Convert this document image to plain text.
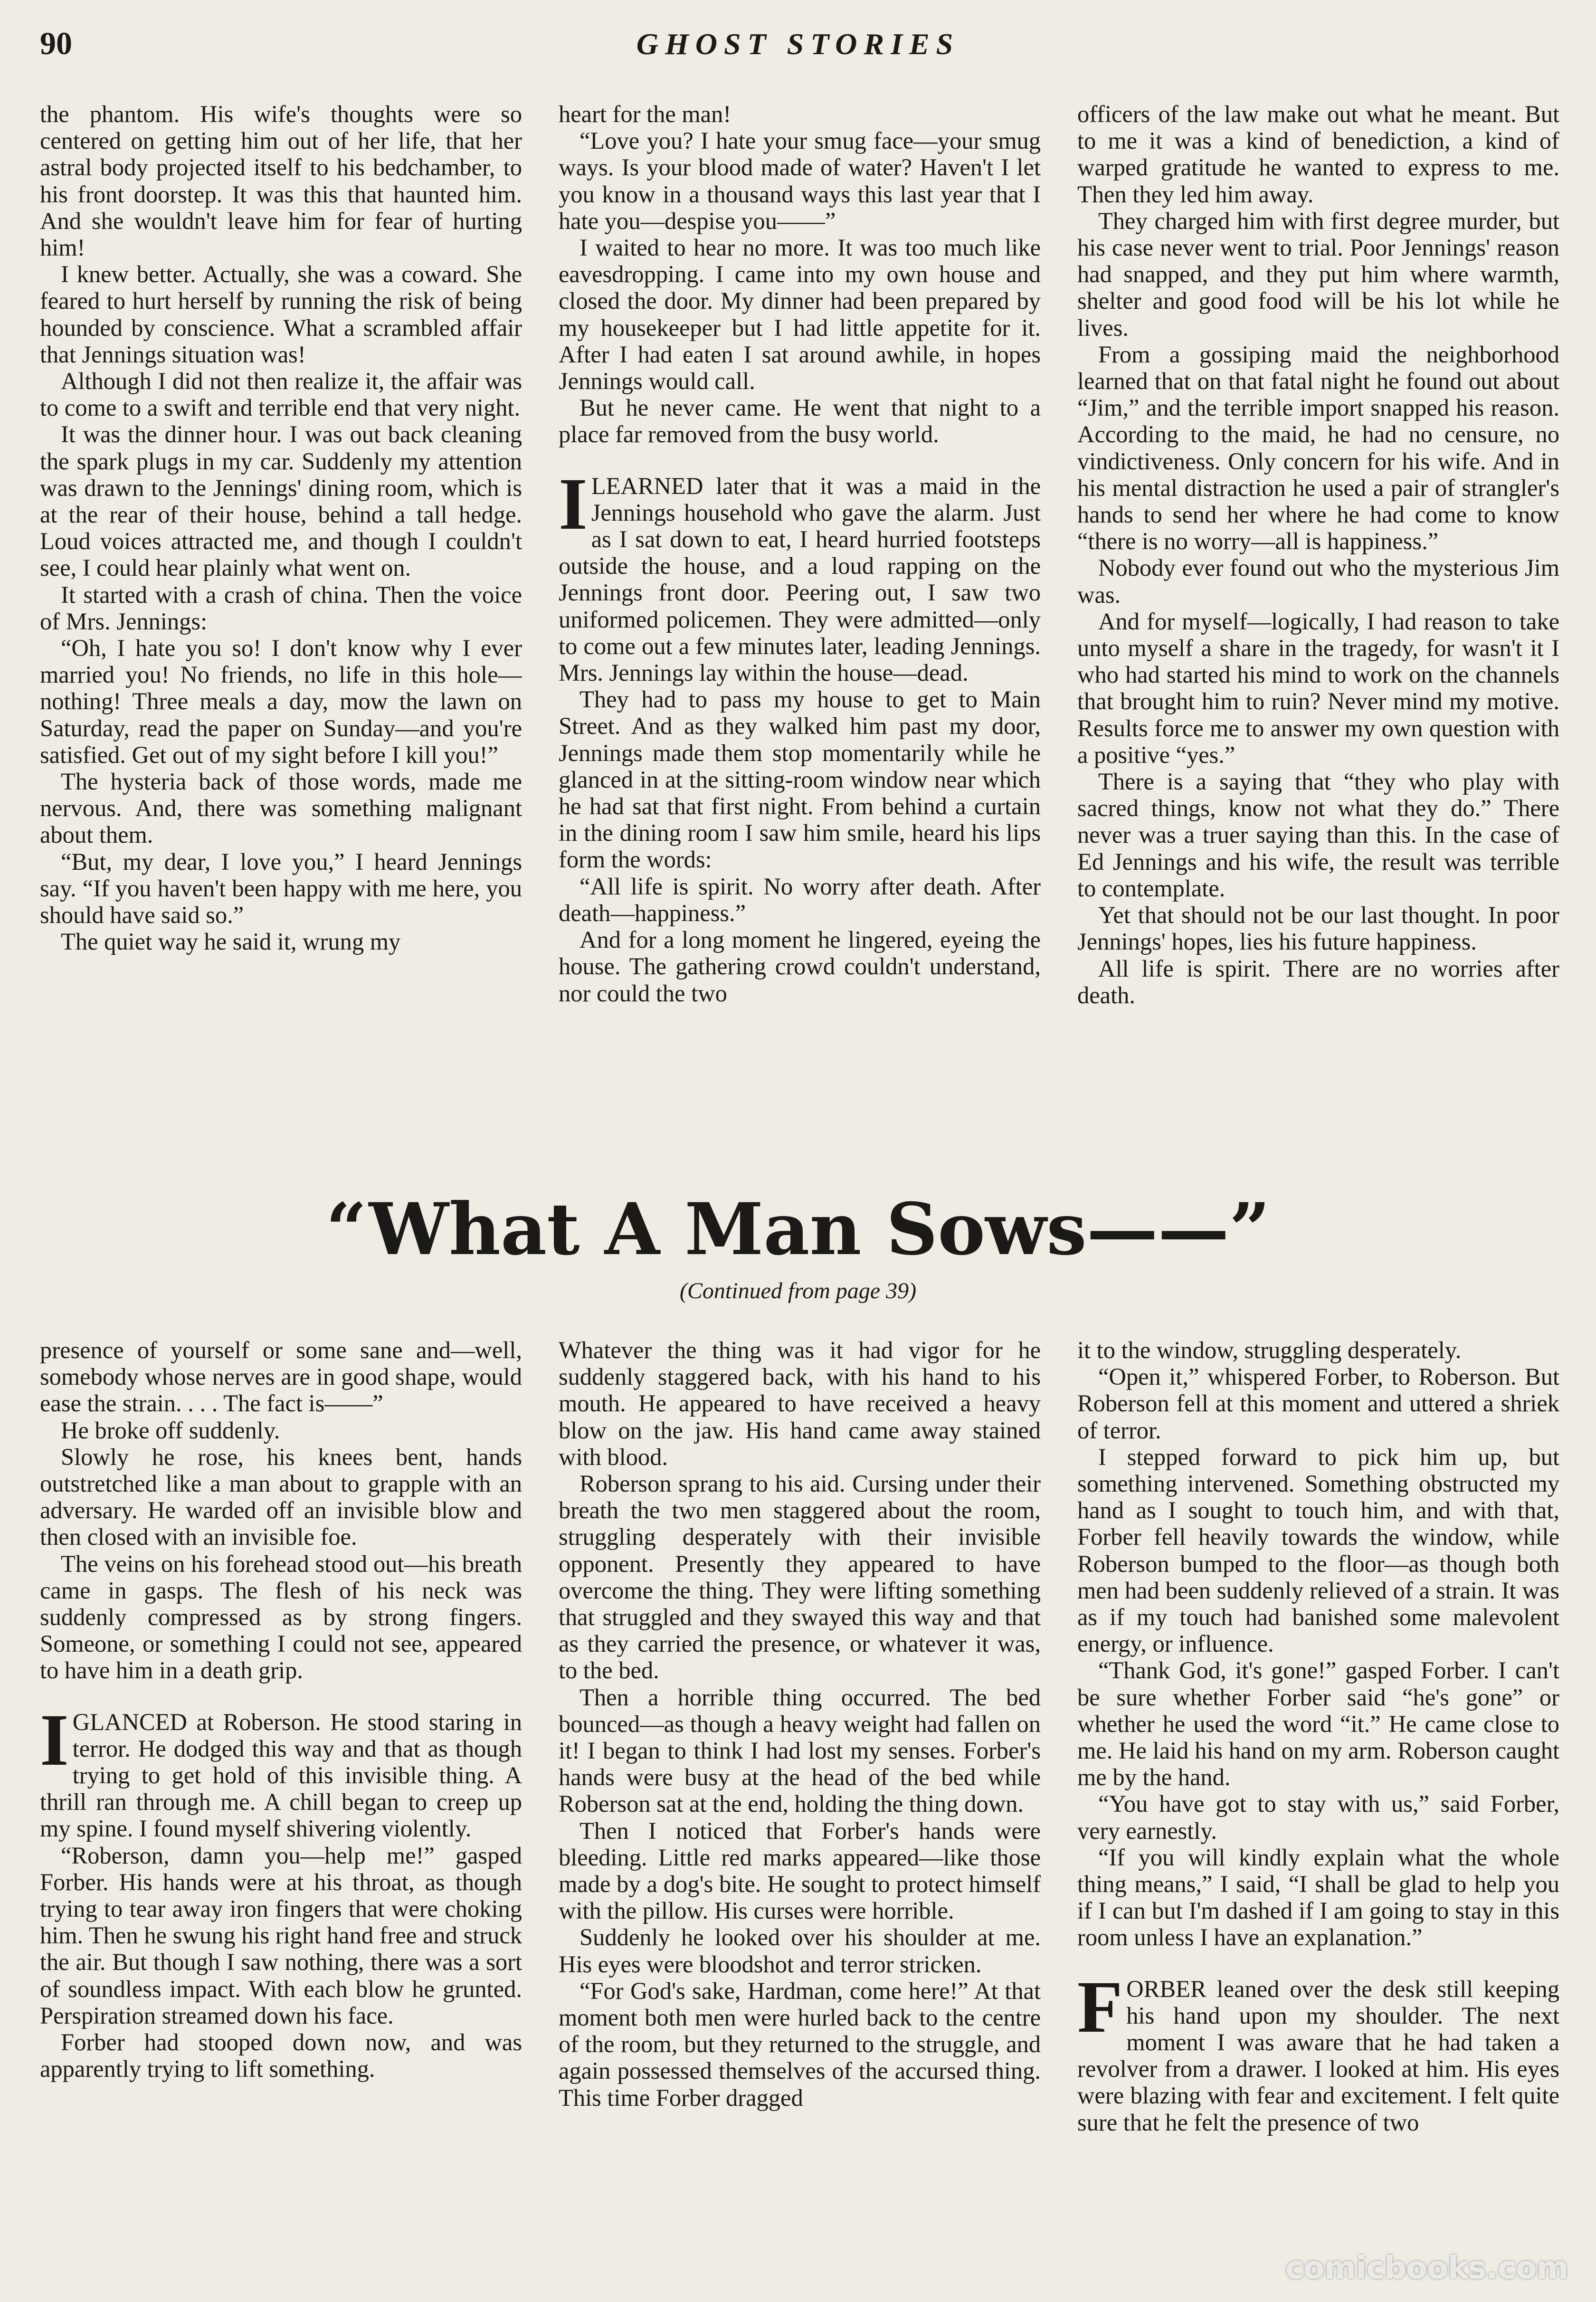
90	GHOST STORIES

the phantom. His wife's thoughts were so centered on getting him out of her life, that her astral body projected itself to his bedchamber, to his front doorstep. It was this that haunted him. And she wouldn't leave him for fear of hurting him!

I knew better. Actually, she was a coward. She feared to hurt herself by running the risk of being hounded by conscience. What a scrambled affair that Jennings situation was!

Although I did not then realize it, the affair was to come to a swift and terrible end that very night.

It was the dinner hour. I was out back cleaning the spark plugs in my car. Suddenly my attention was drawn to the Jennings' dining room, which is at the rear of their house, behind a tall hedge. Loud voices attracted me, and though I couldn't see, I could hear plainly what went on.

It started with a crash of china. Then the voice of Mrs. Jennings:

“Oh, I hate you so! I don't know why I ever married you! No friends, no life in this hole—nothing! Three meals a day, mow the lawn on Saturday, read the paper on Sunday—and you're satisfied. Get out of my sight before I kill you!”

The hysteria back of those words, made me nervous. And, there was something malignant about them.

“But, my dear, I love you,” I heard Jennings say. “If you haven't been happy with me here, you should have said so.”

The quiet way he said it, wrung my

heart for the man!

“Love you? I hate your smug face—your smug ways. Is your blood made of water? Haven't I let you know in a thousand ways this last year that I hate you—despise you——”

I waited to hear no more. It was too much like eavesdropping. I came into my own house and closed the door. My dinner had been prepared by my housekeeper but I had little appetite for it. After I had eaten I sat around awhile, in hopes Jennings would call.

But he never came. He went that night to a place far removed from the busy world.

ILEARNED later that it was a maid in the Jennings household who gave the alarm. Just as I sat down to eat, I heard hurried footsteps outside the house, and a loud rapping on the Jennings front door. Peering out, I saw two uniformed policemen. They were admitted—only to come out a few minutes later, leading Jennings. Mrs. Jennings lay within the house—dead.

They had to pass my house to get to Main Street. And as they walked him past my door, Jennings made them stop momentarily while he glanced in at the sitting-room window near which he had sat that first night. From behind a curtain in the dining room I saw him smile, heard his lips form the words:

“All life is spirit. No worry after death. After death—happiness.”

And for a long moment he lingered, eyeing the house. The gathering crowd couldn't understand, nor could the two

officers of the law make out what he meant. But to me it was a kind of benediction, a kind of warped gratitude he wanted to express to me. Then they led him away.

They charged him with first degree murder, but his case never went to trial. Poor Jennings' reason had snapped, and they put him where warmth, shelter and good food will be his lot while he lives.

From a gossiping maid the neighborhood learned that on that fatal night he found out about “Jim,” and the terrible import snapped his reason. According to the maid, he had no censure, no vindictiveness. Only concern for his wife. And in his mental distraction he used a pair of strangler's hands to send her where he had come to know “there is no worry—all is happiness.”

Nobody ever found out who the mysterious Jim was.

And for myself—logically, I had reason to take unto myself a share in the tragedy, for wasn't it I who had started his mind to work on the channels that brought him to ruin? Never mind my motive. Results force me to answer my own question with a positive “yes.”

There is a saying that “they who play with sacred things, know not what they do.” There never was a truer saying than this. In the case of Ed Jennings and his wife, the result was terrible to contemplate.

Yet that should not be our last thought. In poor Jennings' hopes, lies his future happiness.

All life is spirit. There are no worries after death.

“What A Man Sows——”
(Continued from page 39)

presence of yourself or some sane and—well, somebody whose nerves are in good shape, would ease the strain. . . . The fact is——”

He broke off suddenly.

Slowly he rose, his knees bent, hands outstretched like a man about to grapple with an adversary. He warded off an invisible blow and then closed with an invisible foe.

The veins on his forehead stood out—his breath came in gasps. The flesh of his neck was suddenly compressed as by strong fingers. Someone, or something I could not see, appeared to have him in a death grip.

IGLANCED at Roberson. He stood staring in terror. He dodged this way and that as though trying to get hold of this invisible thing. A thrill ran through me. A chill began to creep up my spine. I found myself shivering violently.

“Roberson, damn you—help me!” gasped Forber. His hands were at his throat, as though trying to tear away iron fingers that were choking him. Then he swung his right hand free and struck the air. But though I saw nothing, there was a sort of soundless impact. With each blow he grunted. Perspiration streamed down his face.

Forber had stooped down now, and was apparently trying to lift something.

Whatever the thing was it had vigor for he suddenly staggered back, with his hand to his mouth. He appeared to have received a heavy blow on the jaw. His hand came away stained with blood.

Roberson sprang to his aid. Cursing under their breath the two men staggered about the room, struggling desperately with their invisible opponent. Presently they appeared to have overcome the thing. They were lifting something that struggled and they swayed this way and that as they carried the presence, or whatever it was, to the bed.

Then a horrible thing occurred. The bed bounced—as though a heavy weight had fallen on it! I began to think I had lost my senses. Forber's hands were busy at the head of the bed while Roberson sat at the end, holding the thing down.

Then I noticed that Forber's hands were bleeding. Little red marks appeared—like those made by a dog's bite. He sought to protect himself with the pillow. His curses were horrible.

Suddenly he looked over his shoulder at me. His eyes were bloodshot and terror stricken.

“For God's sake, Hardman, come here!” At that moment both men were hurled back to the centre of the room, but they returned to the struggle, and again possessed themselves of the accursed thing. This time Forber dragged

it to the window, struggling desperately.

“Open it,” whispered Forber, to Roberson. But Roberson fell at this moment and uttered a shriek of terror.

I stepped forward to pick him up, but something intervened. Something obstructed my hand as I sought to touch him, and with that, Forber fell heavily towards the window, while Roberson bumped to the floor—as though both men had been suddenly relieved of a strain. It was as if my touch had banished some malevolent energy, or influence.

“Thank God, it's gone!” gasped Forber. I can't be sure whether Forber said “he's gone” or whether he used the word “it.” He came close to me. He laid his hand on my arm. Roberson caught me by the hand.

“You have got to stay with us,” said Forber, very earnestly.

“If you will kindly explain what the whole thing means,” I said, “I shall be glad to help you if I can but I'm dashed if I am going to stay in this room unless I have an explanation.”

FORBER leaned over the desk still keeping his hand upon my shoulder. The next moment I was aware that he had taken a revolver from a drawer. I looked at him. His eyes were blazing with fear and excitement. I felt quite sure that he felt the presence of two

comicbooks.com
